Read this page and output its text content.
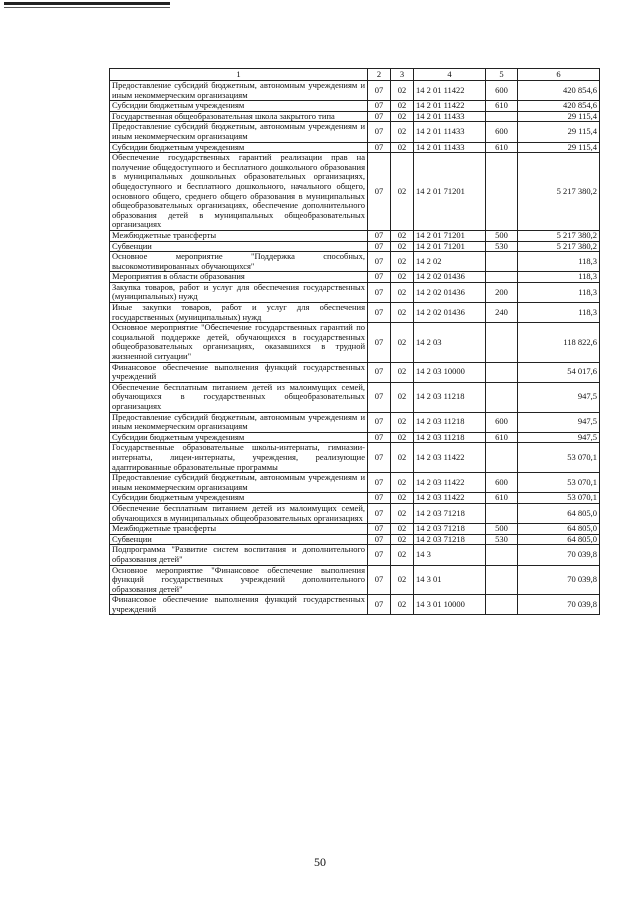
1	2	3	4	5	6
Предоставление субсидий бюджетным, автономным учреждениям и иным некоммерческим организациям	07	02	14 2 01 11422	600	420 854,6
Субсидии бюджетным учреждениям	07	02	14 2 01 11422	610	420 854,6
Государственная общеобразовательная школа закрытого типа	07	02	14 2 01 11433		29 115,4
Предоставление субсидий бюджетным, автономным учреждениям и иным некоммерческим организациям	07	02	14 2 01 11433	600	29 115,4
Субсидии бюджетным учреждениям	07	02	14 2 01 11433	610	29 115,4
Обеспечение государственных гарантий реализации прав на получение общедоступного и бесплатного дошкольного образования в муниципальных дошкольных образовательных организациях, общедоступного и бесплатного дошкольного, начального общего, основного общего, среднего общего образования в муниципальных общеобразовательных организациях, обеспечение дополнительного образования детей в муниципальных общеобразовательных организациях	07	02	14 2 01 71201		5 217 380,2
Межбюджетные трансферты	07	02	14 2 01 71201	500	5 217 380,2
Субвенции	07	02	14 2 01 71201	530	5 217 380,2
Основное мероприятие "Поддержка способных, высокомотивированных обучающихся"	07	02	14 2 02		118,3
Мероприятия в области образования	07	02	14 2 02 01436		118,3
Закупка товаров, работ и услуг для обеспечения государственных (муниципальных) нужд	07	02	14 2 02 01436	200	118,3
Иные закупки товаров, работ и услуг для обеспечения государственных (муниципальных) нужд	07	02	14 2 02 01436	240	118,3
Основное мероприятие "Обеспечение государственных гарантий по социальной поддержке детей, обучающихся в государственных общеобразовательных организациях, оказавшихся в трудной жизненной ситуации"	07	02	14 2 03		118 822,6
Финансовое обеспечение выполнения функций государственных учреждений	07	02	14 2 03 10000		54 017,6
Обеспечение бесплатным питанием детей из малоимущих семей, обучающихся в государственных общеобразовательных организациях	07	02	14 2 03 11218		947,5
Предоставление субсидий бюджетным, автономным учреждениям и иным некоммерческим организациям	07	02	14 2 03 11218	600	947,5
Субсидии бюджетным учреждениям	07	02	14 2 03 11218	610	947,5
Государственные образовательные школы-интернаты, гимназии-интернаты, лицеи-интернаты, учреждения, реализующие адаптированные образовательные программы	07	02	14 2 03 11422		53 070,1
Предоставление субсидий бюджетным, автономным учреждениям и иным некоммерческим организациям	07	02	14 2 03 11422	600	53 070,1
Субсидии бюджетным учреждениям	07	02	14 2 03 11422	610	53 070,1
Обеспечение бесплатным питанием детей из малоимущих семей, обучающихся в муниципальных общеобразовательных организациях	07	02	14 2 03 71218		64 805,0
Межбюджетные трансферты	07	02	14 2 03 71218	500	64 805,0
Субвенции	07	02	14 2 03 71218	530	64 805,0
Подпрограмма "Развитие систем воспитания и дополнительного образования детей"	07	02	14 3		70 039,8
Основное мероприятие "Финансовое обеспечение выполнения функций государственных учреждений дополнительного образования детей"	07	02	14 3 01		70 039,8
Финансовое обеспечение выполнения функций государственных учреждений	07	02	14 3 01 10000		70 039,8
50
